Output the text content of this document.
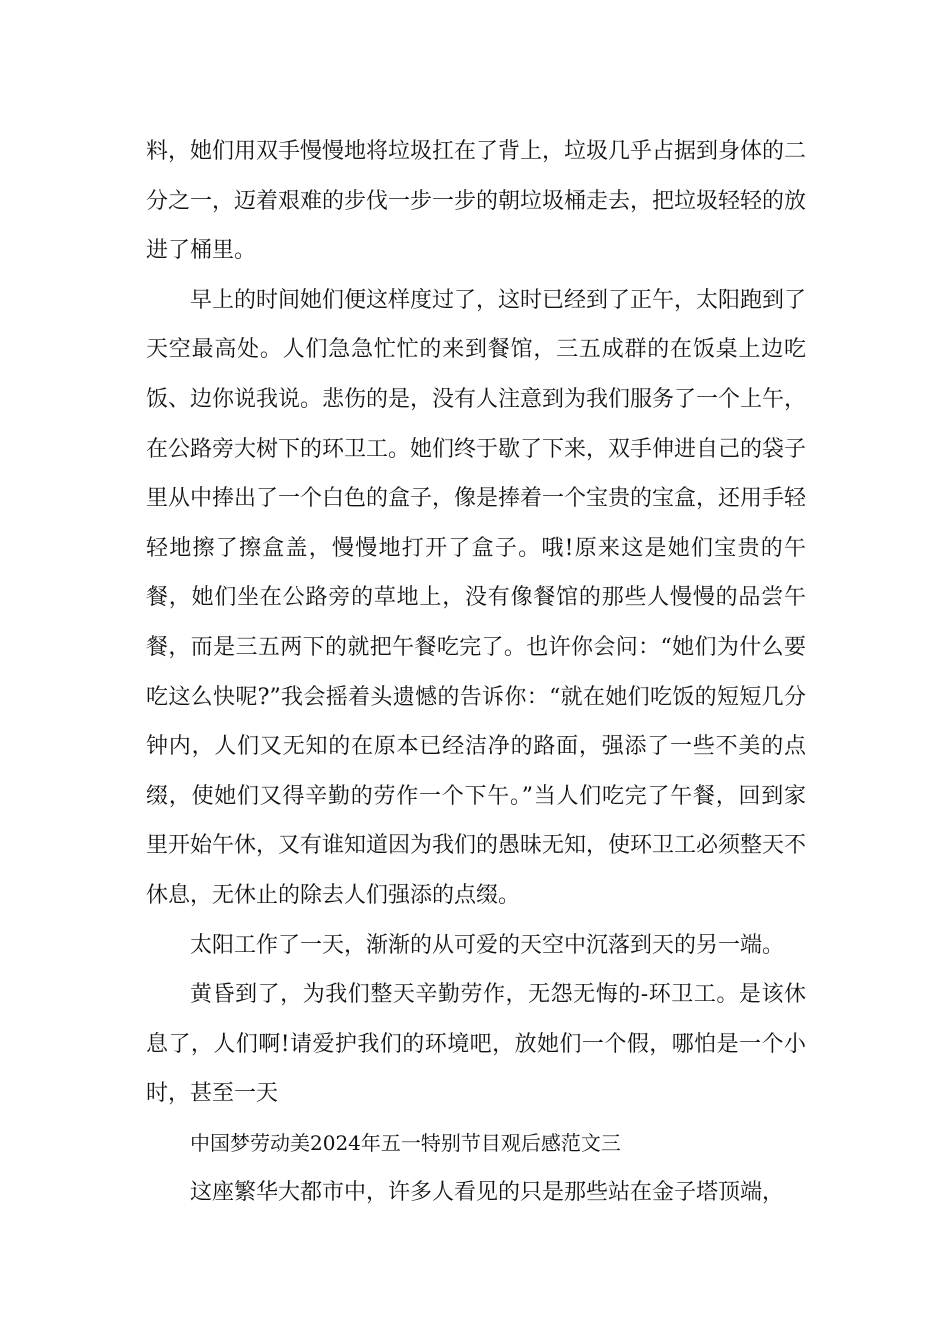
料，她们用双手慢慢地将垃圾扛在了背上，垃圾几乎占据到身体的二分之一，迈着艰难的步伐一步一步的朝垃圾桶走去，把垃圾轻轻的放进了桶里。

早上的时间她们便这样度过了，这时已经到了正午，太阳跑到了天空最高处。人们急急忙忙的来到餐馆，三五成群的在饭桌上边吃饭、边你说我说。悲伤的是，没有人注意到为我们服务了一个上午，在公路旁大树下的环卫工。她们终于歇了下来，双手伸进自己的袋子里从中捧出了一个白色的盒子，像是捧着一个宝贵的宝盒，还用手轻轻地擦了擦盒盖，慢慢地打开了盒子。哦!原来这是她们宝贵的午餐，她们坐在公路旁的草地上，没有像餐馆的那些人慢慢的品尝午餐，而是三五两下的就把午餐吃完了。也许你会问：“她们为什么要吃这么快呢?”我会摇着头遗憾的告诉你：“就在她们吃饭的短短几分钟内，人们又无知的在原本已经洁净的路面，强添了一些不美的点缀，使她们又得辛勤的劳作一个下午。”当人们吃完了午餐，回到家里开始午休，又有谁知道因为我们的愚昧无知，使环卫工必须整天不休息，无休止的除去人们强添的点缀。

太阳工作了一天，渐渐的从可爱的天空中沉落到天的另一端。

黄昏到了，为我们整天辛勤劳作，无怨无悔的-环卫工。是该休息了，人们啊!请爱护我们的环境吧，放她们一个假，哪怕是一个小时，甚至一天

中国梦劳动美2024年五一特别节目观后感范文三

这座繁华大都市中，许多人看见的只是那些站在金子塔顶端，
